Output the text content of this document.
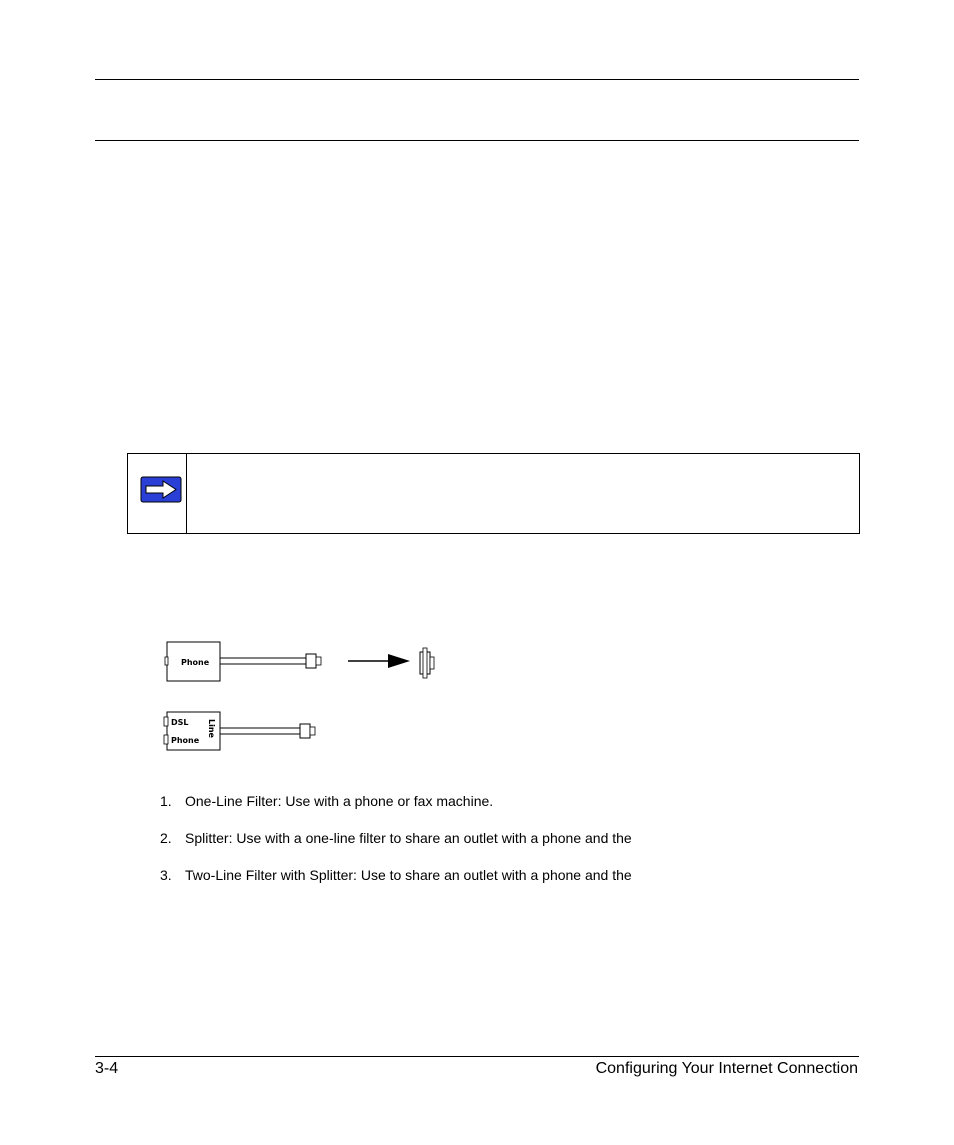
Phone
DSL
Phone
Line
1. One-Line Filter: Use with a phone or fax machine.
2. Splitter: Use with a one-line filter to share an outlet with a phone and the
3. Two-Line Filter with Splitter: Use to share an outlet with a phone and the
3-4	Configuring Your Internet Connection
